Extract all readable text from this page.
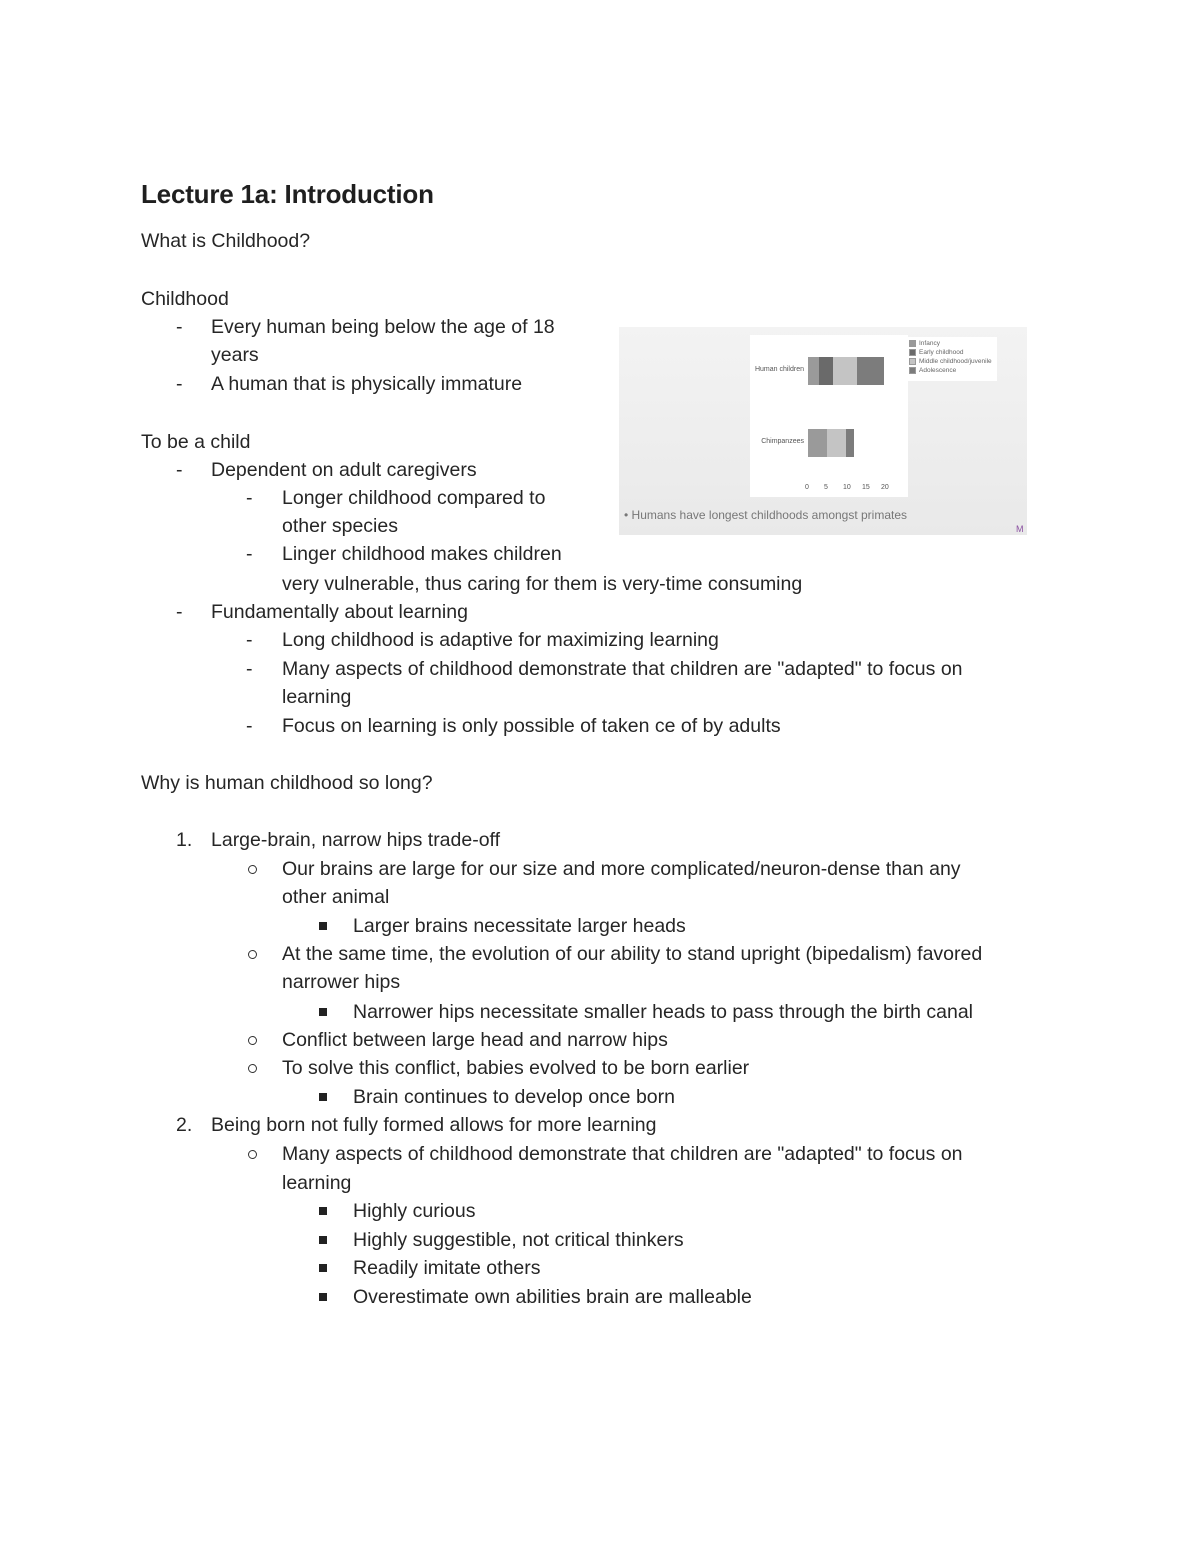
Lecture 1a: Introduction
What is Childhood?
Childhood
- Every human being below the age of 18
years
- A human that is physically immature
To be a child
- Dependent on adult caregivers
- Longer childhood compared to
other species
- Linger childhood makes children
very vulnerable, thus caring for them is very-time consuming
- Fundamentally about learning
- Long childhood is adaptive for maximizing learning
- Many aspects of childhood demonstrate that children are "adapted" to focus on
learning
- Focus on learning is only possible of taken ce of by adults
Why is human childhood so long?
1. Large-brain, narrow hips trade-off
Our brains are large for our size and more complicated/neuron-dense than any
other animal
Larger brains necessitate larger heads
At the same time, the evolution of our ability to stand upright (bipedalism) favored
narrower hips
Narrower hips necessitate smaller heads to pass through the birth canal
Conflict between large head and narrow hips
To solve this conflict, babies evolved to be born earlier
Brain continues to develop once born
2. Being born not fully formed allows for more learning
Many aspects of childhood demonstrate that children are "adapted" to focus on
learning
Highly curious
Highly suggestible, not critical thinkers
Readily imitate others
Overestimate own abilities brain are malleable
Human children
Chimpanzees
0 5 10 15 20
Infancy
Early childhood
Middle childhood/juvenile
Adolescence
• Humans have longest childhoods amongst primates
M
